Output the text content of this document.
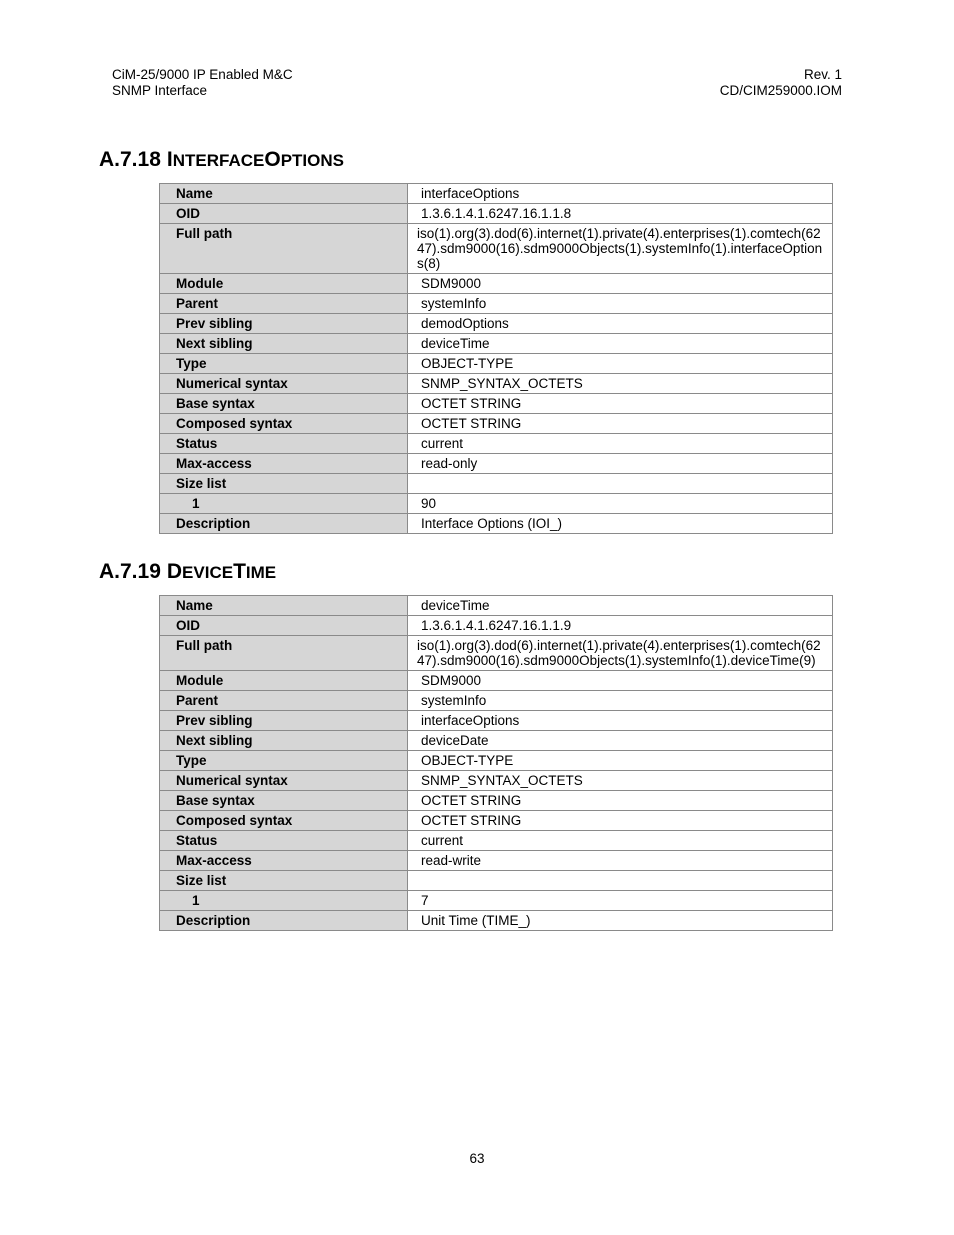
CiM-25/9000 IP Enabled M&C
SNMP Interface
Rev. 1
CD/CIM259000.IOM
A.7.18 INTERFACEOPTIONS
Name	interfaceOptions
OID	1.3.6.1.4.1.6247.16.1.1.8
Full path	iso(1).org(3).dod(6).internet(1).private(4).enterprises(1).comtech(6247).sdm9000(16).sdm9000Objects(1).systemInfo(1).interfaceOptions(8)
Module	SDM9000
Parent	systemInfo
Prev sibling	demodOptions
Next sibling	deviceTime
Type	OBJECT-TYPE
Numerical syntax	SNMP_SYNTAX_OCTETS
Base syntax	OCTET STRING
Composed syntax	OCTET STRING
Status	current
Max-access	read-only
Size list	
1	90
Description	Interface Options (IOI_)
A.7.19 DEVICETIME
Name	deviceTime
OID	1.3.6.1.4.1.6247.16.1.1.9
Full path	iso(1).org(3).dod(6).internet(1).private(4).enterprises(1).comtech(6247).sdm9000(16).sdm9000Objects(1).systemInfo(1).deviceTime(9)
Module	SDM9000
Parent	systemInfo
Prev sibling	interfaceOptions
Next sibling	deviceDate
Type	OBJECT-TYPE
Numerical syntax	SNMP_SYNTAX_OCTETS
Base syntax	OCTET STRING
Composed syntax	OCTET STRING
Status	current
Max-access	read-write
Size list	
1	7
Description	Unit Time (TIME_)
63
